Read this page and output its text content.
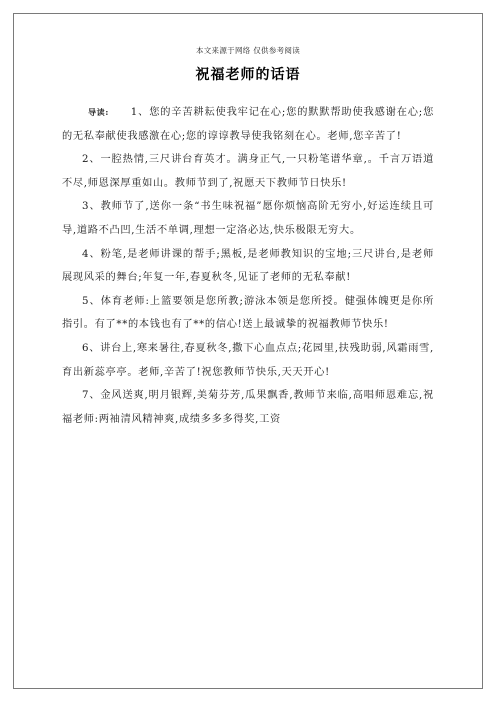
本文来源于网络 仅供参考阅读
祝福老师的话语

导读: 1、您的辛苦耕耘使我牢记在心;您的默默帮助使我感谢在心;您的无私奉献使我感激在心;您的谆谆教导使我铭刻在心。老师,您辛苦了!

2、一腔热情,三尺讲台育英才。满身正气,一只粉笔谱华章,。千言万语道不尽,师恩深厚重如山。教师节到了,祝愿天下教师节日快乐!

3、教师节了,送你一条“书生味祝福”愿你烦恼高阶无穷小,好运连续且可导,道路不凸凹,生活不单调,理想一定洛必达,快乐极限无穷大。

4、粉笔,是老师讲课的帮手;黑板,是老师教知识的宝地;三尺讲台,是老师展现风采的舞台;年复一年,春夏秋冬,见证了老师的无私奉献!

5、体育老师:上篮要领是您所教;游泳本领是您所授。健强体魄更是你所指引。有了**的本钱也有了**的信心!送上最诚挚的祝福教师节快乐!

6、讲台上,寒来暑往,春夏秋冬,撒下心血点点;花园里,扶残助弱,风霜雨雪,育出新蕊亭亭。老师,辛苦了!祝您教师节快乐,天天开心!

7、金风送爽,明月银辉,美菊芬芳,瓜果飘香,教师节来临,高唱师恩难忘,祝福老师:两袖清风精神爽,成绩多多多得奖,工资
